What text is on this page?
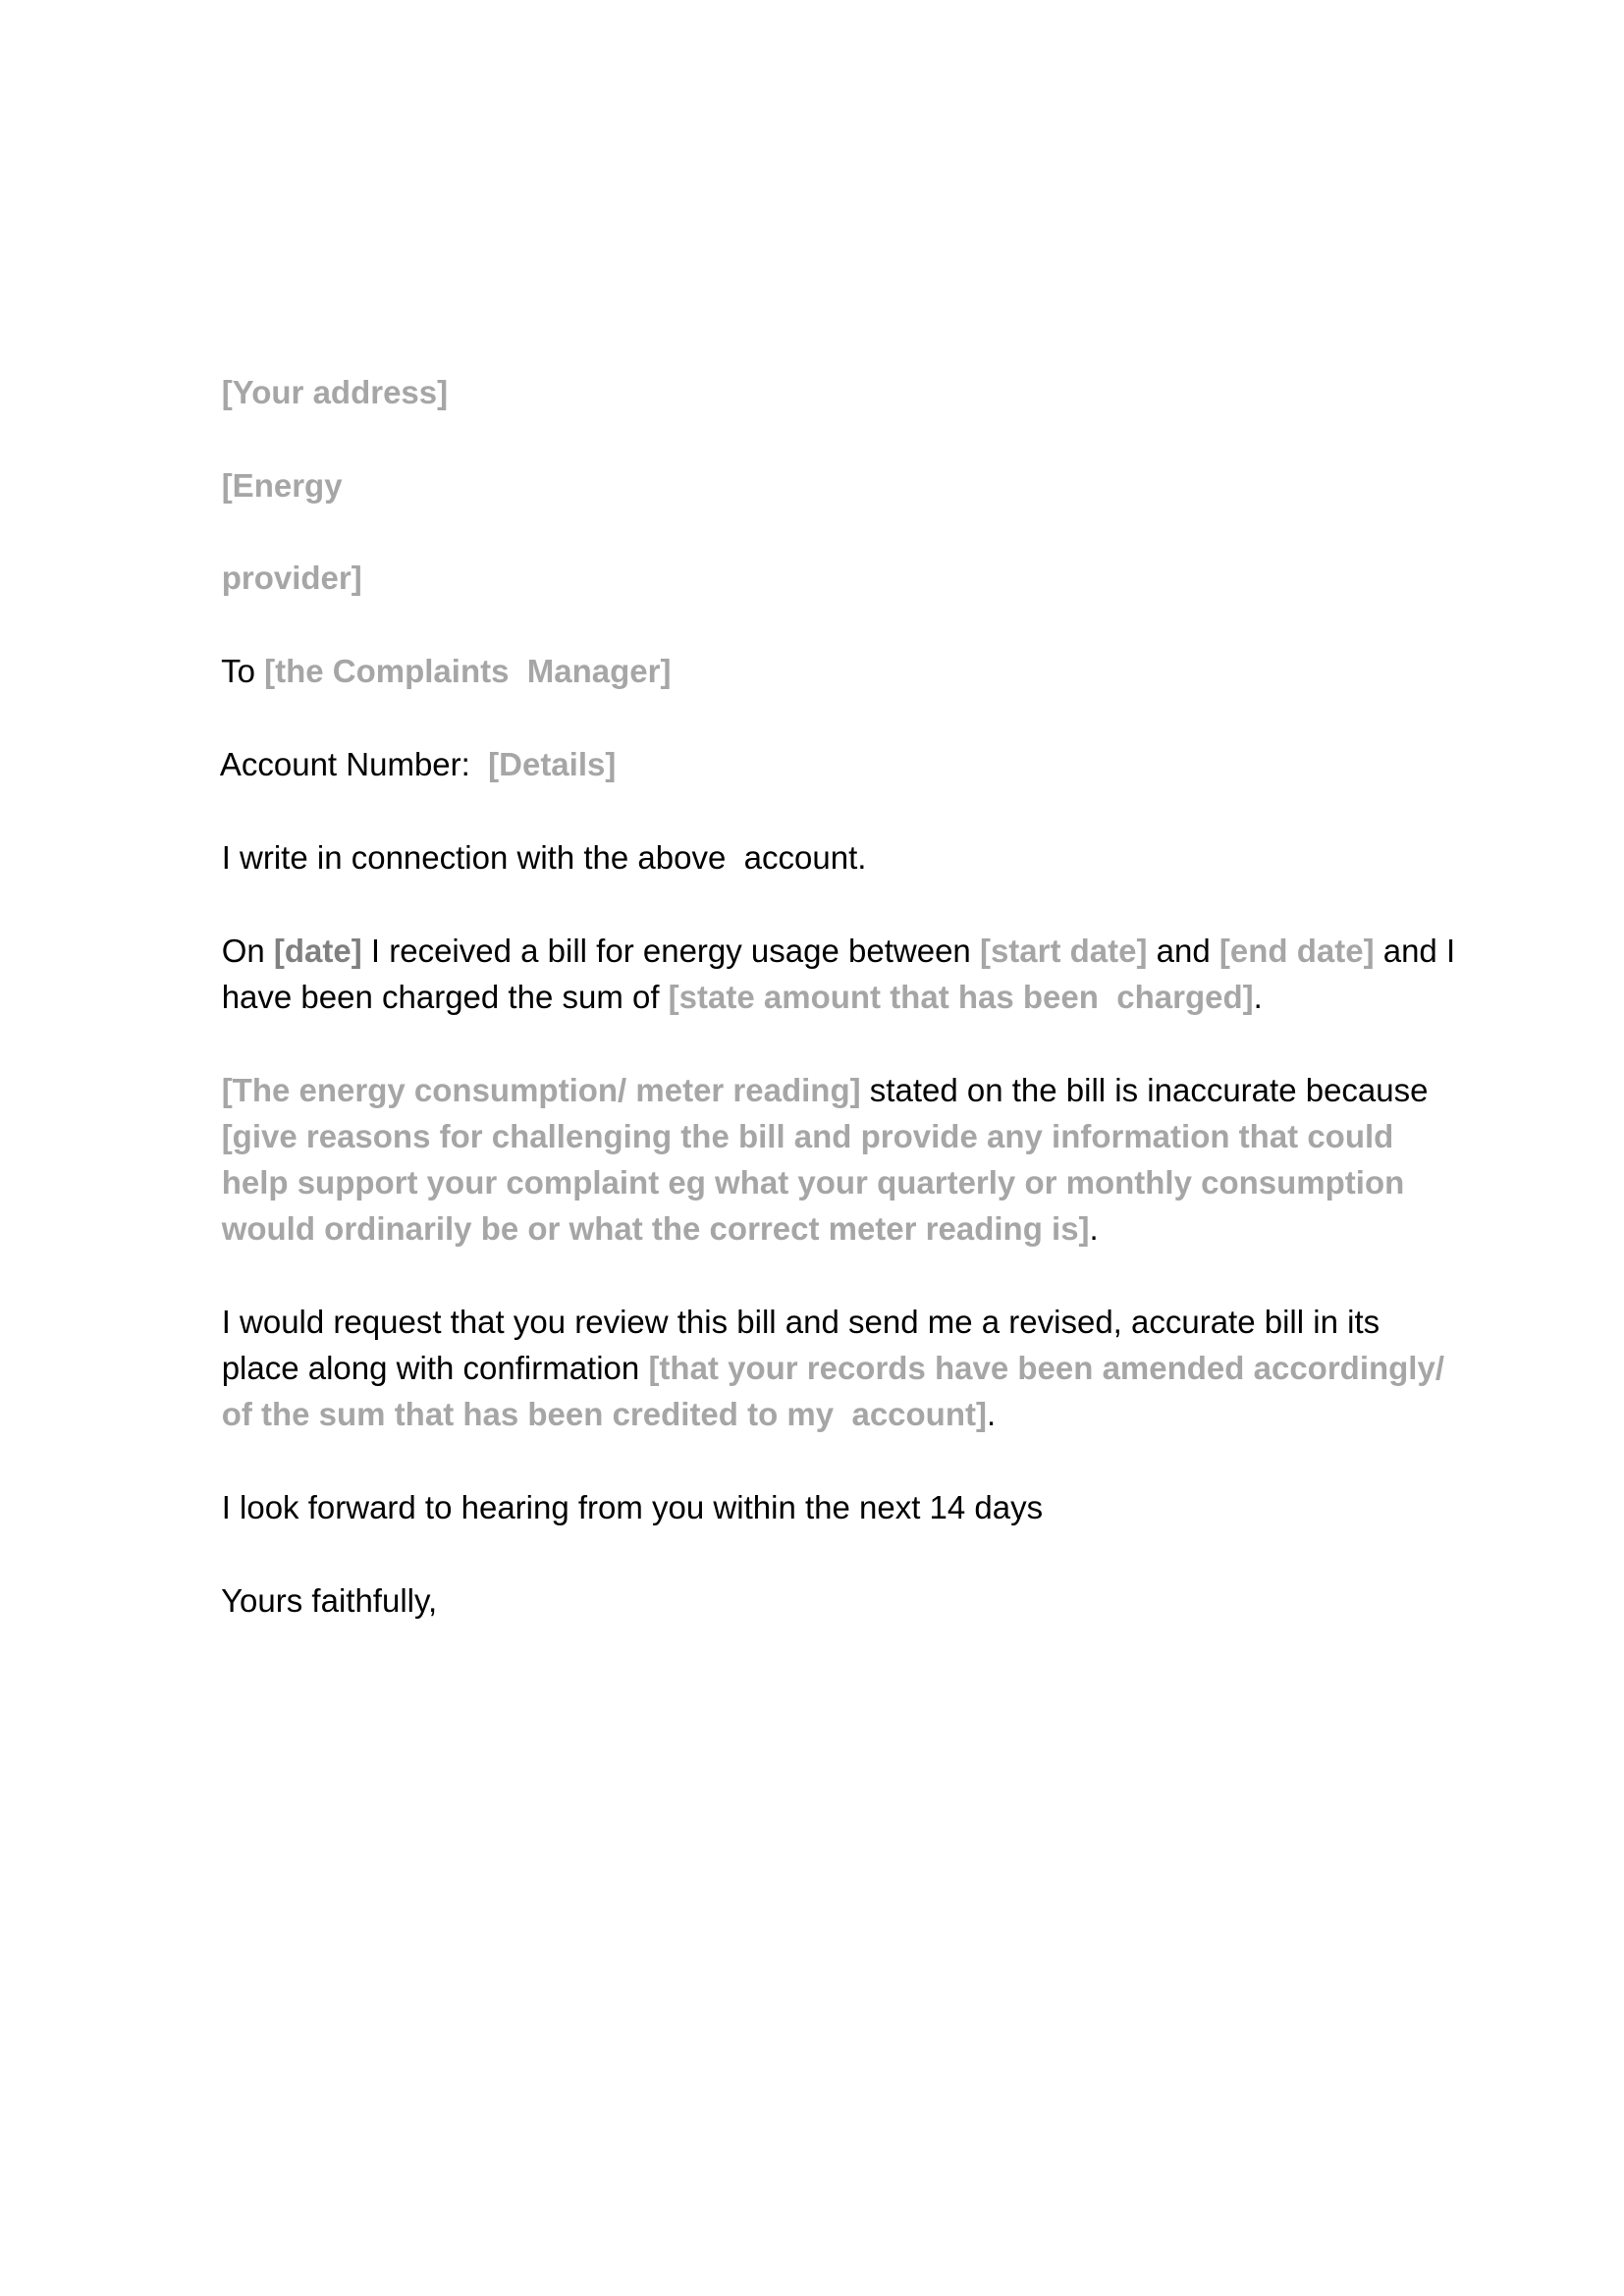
[Your address]

[Energy

provider]

To [the Complaints  Manager]

Account Number:  [Details]

I write in connection with the above  account.

On [date] I received a bill for energy usage between [start date] and [end date] and I

have been charged the sum of [state amount that has been  charged].

[The energy consumption/ meter reading] stated on the bill is inaccurate because

[give reasons for challenging the bill and provide any information that could

help support your complaint eg what your quarterly or monthly consumption

would ordinarily be or what the correct meter reading is].

I would request that you review this bill and send me a revised, accurate bill in its

place along with confirmation [that your records have been amended accordingly/

of the sum that has been credited to my  account].

I look forward to hearing from you within the next 14 days

Yours faithfully,
